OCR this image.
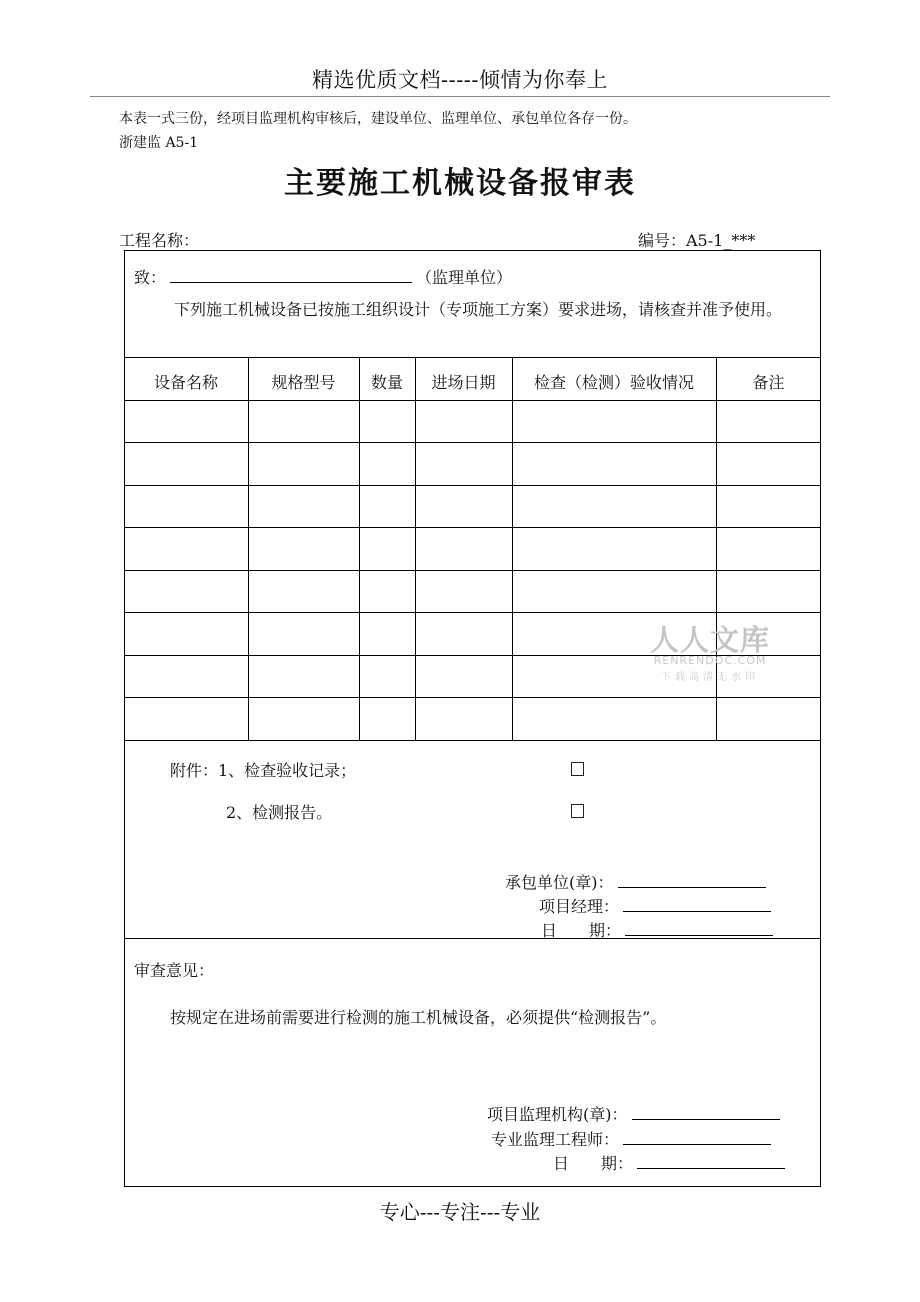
精选优质文档-----倾情为你奉上
本表一式三份，经项目监理机构审核后，建设单位、监理单位、承包单位各存一份。
浙建监 A5-1
主要施工机械设备报审表
工程名称：	编号：A5-1_***
致：	（监理单位）
下列施工机械设备已按施工组织设计（专项施工方案）要求进场，请核查并准予使用。
设备名称	规格型号	数量	进场日期	检查（检测）验收情况	备注
人人文库
RENRENDOC.COM
下载高清无水印
附件：1、检查验收记录；
2、检测报告。
承包单位(章)：
项目经理：
日　　期：
审查意见：
按规定在进场前需要进行检测的施工机械设备，必须提供“检测报告”。
项目监理机构(章)：
专业监理工程师：
日　　期：
专心---专注---专业
